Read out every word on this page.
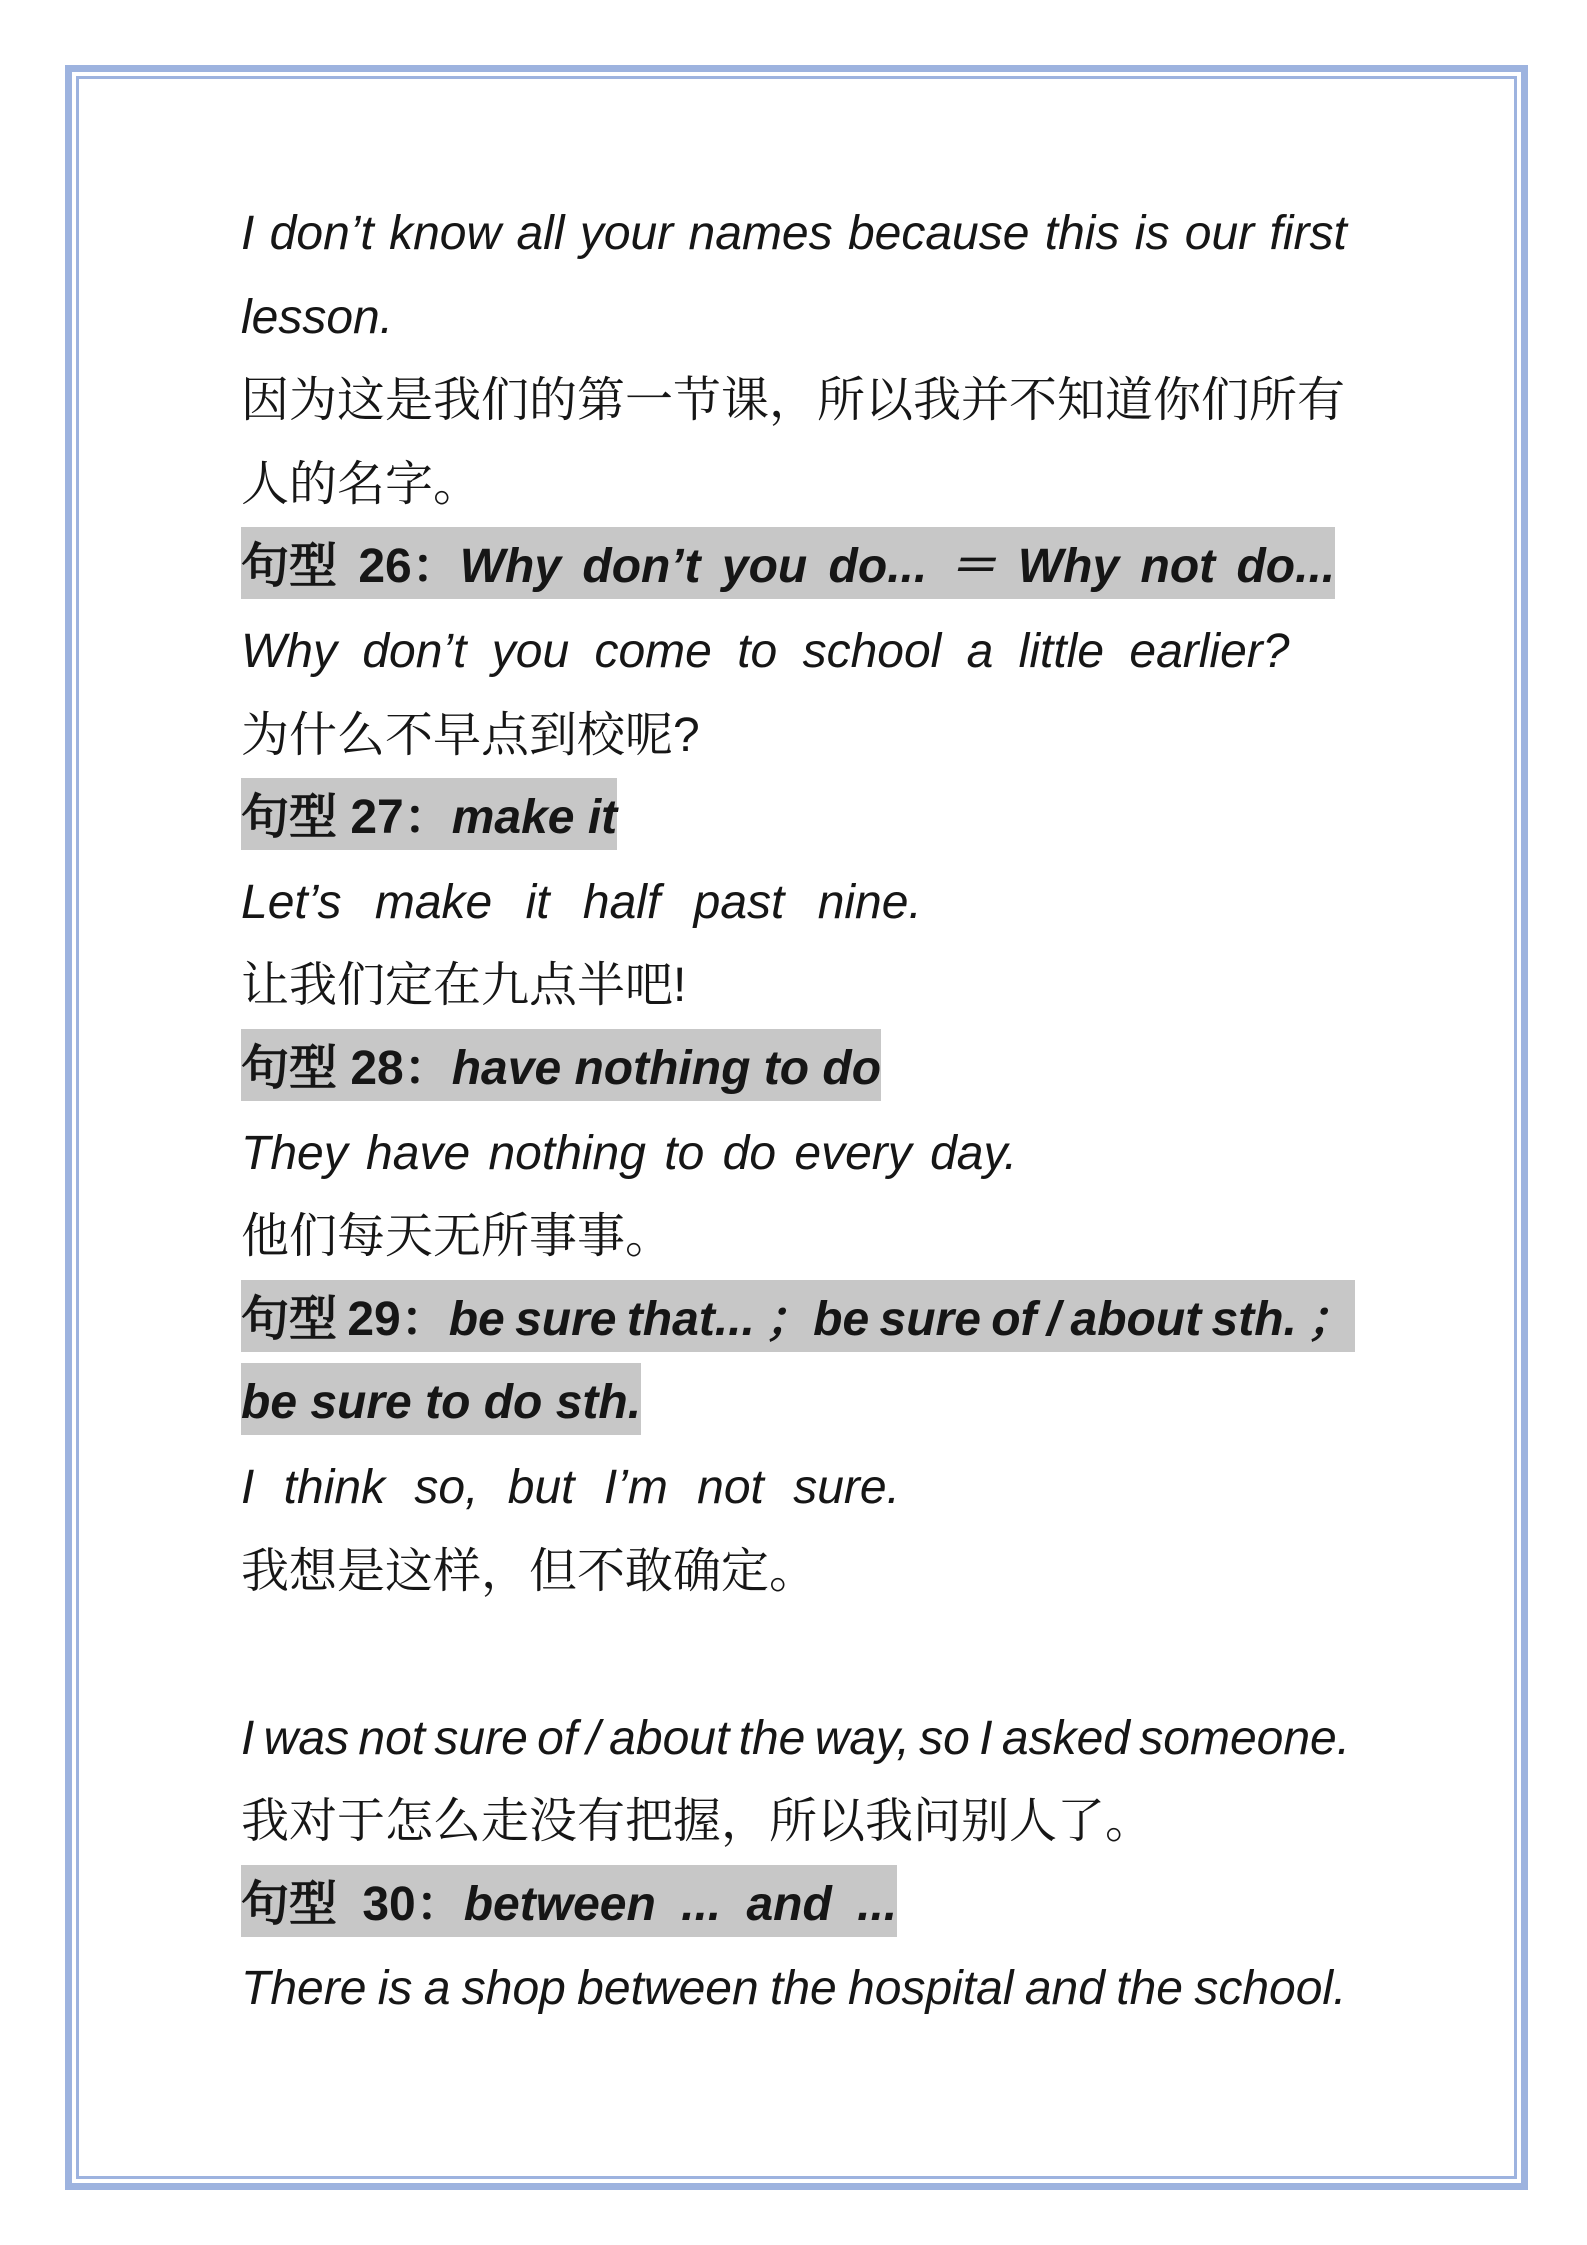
I don’t know all your names because this is our first
lesson.
因为这是我们的第一节课，所以我并不知道你们所有
人的名字。
句型 26：Why don’t you do... ＝ Why not do...
Why don’t you come to school a little earlier?
为什么不早点到校呢?
句型 27：make it
Let’s make it half past nine.
让我们定在九点半吧!
句型 28：have nothing to do
They have nothing to do every day.
他们每天无所事事。
句型 29：be sure that... ；be sure of / about sth. ；
be sure to do sth.
I think so, but I’m not sure.
我想是这样，但不敢确定。
I was not sure of / about the way, so I asked someone.
我对于怎么走没有把握，所以我问别人了。
句型 30：between ... and ...
There is a shop between the hospital and the school.
